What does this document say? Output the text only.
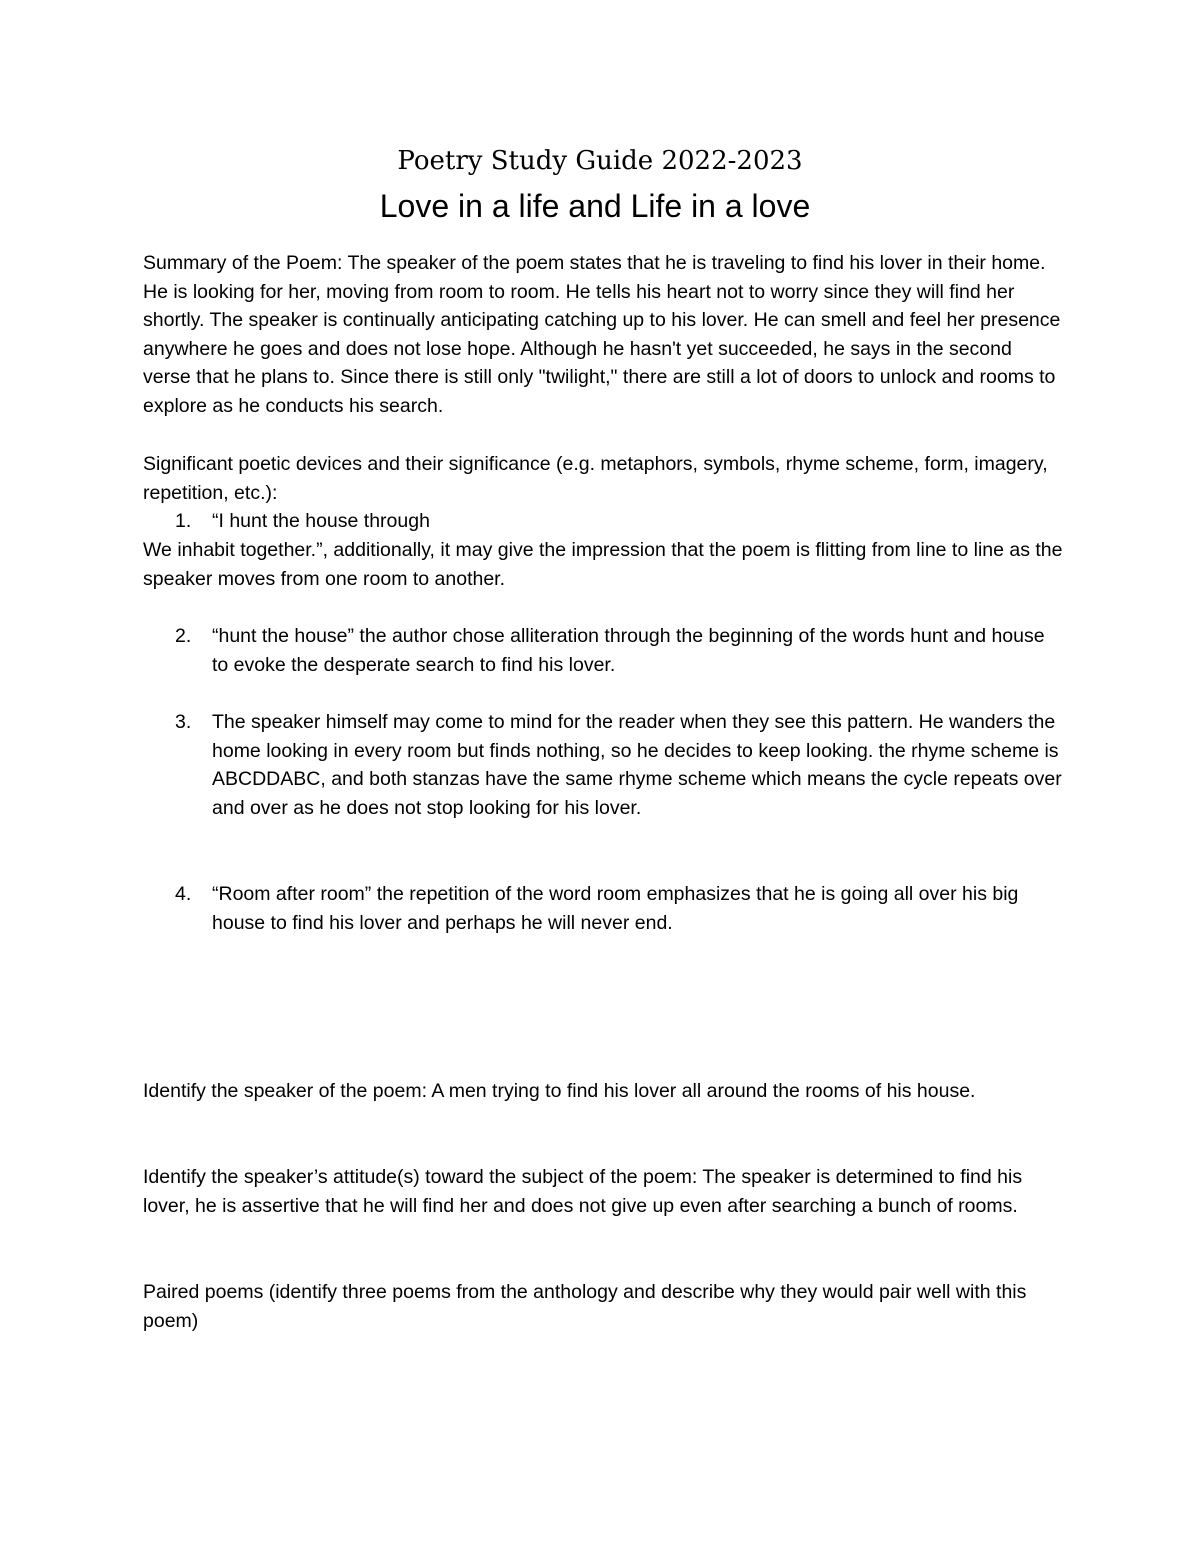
Poetry Study Guide 2022-2023
Love in a life and Life in a love

Summary of the Poem: The speaker of the poem states that he is traveling to find his lover in their home. He is looking for her, moving from room to room. He tells his heart not to worry since they will find her shortly. The speaker is continually anticipating catching up to his lover. He can smell and feel her presence anywhere he goes and does not lose hope. Although he hasn't yet succeeded, he says in the second verse that he plans to. Since there is still only "twilight," there are still a lot of doors to unlock and rooms to explore as he conducts his search.

Significant poetic devices and their significance (e.g. metaphors, symbols, rhyme scheme, form, imagery, repetition, etc.):

1. “I hunt the house through

We inhabit together.”, additionally, it may give the impression that the poem is flitting from line to line as the speaker moves from one room to another.

2. “hunt the house” the author chose alliteration through the beginning of the words hunt and house to evoke the desperate search to find his lover.
3. The speaker himself may come to mind for the reader when they see this pattern. He wanders the home looking in every room but finds nothing, so he decides to keep looking. the rhyme scheme is ABCDDABC, and both stanzas have the same rhyme scheme which means the cycle repeats over and over as he does not stop looking for his lover.
4. “Room after room” the repetition of the word room emphasizes that he is going all over his big house to find his lover and perhaps he will never end.

Identify the speaker of the poem: A men trying to find his lover all around the rooms of his house.

Identify the speaker’s attitude(s) toward the subject of the poem: The speaker is determined to find his lover, he is assertive that he will find her and does not give up even after searching a bunch of rooms.

Paired poems (identify three poems from the anthology and describe why they would pair well with this poem)
